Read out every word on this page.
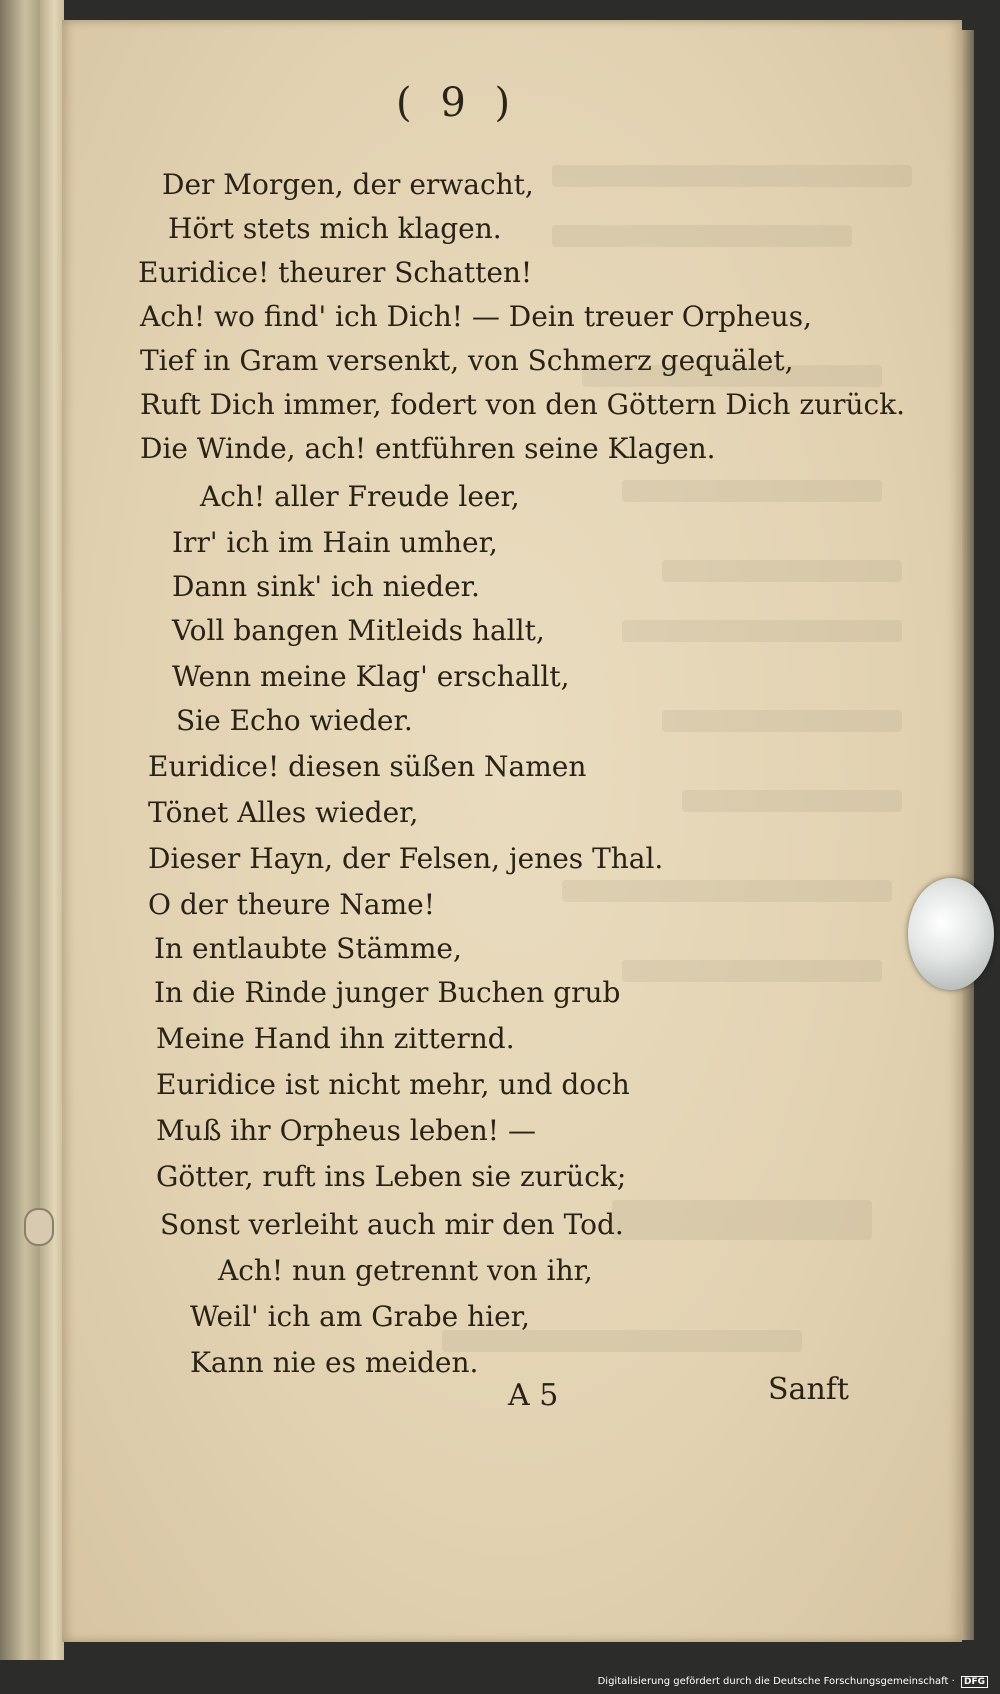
( 9 )

Der Morgen, der erwacht,

Hört stets mich klagen.

Euridice! theurer Schatten!

Ach! wo find' ich Dich! — Dein treuer Orpheus,

Tief in Gram versenkt, von Schmerz gequälet,

Ruft Dich immer, fodert von den Göttern Dich zurück.

Die Winde, ach! entführen seine Klagen.

Ach! aller Freude leer,

Irr' ich im Hain umher,

Dann sink' ich nieder.

Voll bangen Mitleids hallt,

Wenn meine Klag' erschallt,

Sie Echo wieder.

Euridice! diesen süßen Namen

Tönet Alles wieder,

Dieser Hayn, der Felsen, jenes Thal.

O der theure Name!

In entlaubte Stämme,

In die Rinde junger Buchen grub

Meine Hand ihn zitternd.

Euridice ist nicht mehr, und doch

Muß ihr Orpheus leben! —

Götter, ruft ins Leben sie zurück;

Sonst verleiht auch mir den Tod.

Ach! nun getrennt von ihr,

Weil' ich am Grabe hier,

Kann nie es meiden.

A 5	Sanft

Digitalisierung gefördert durch die Deutsche Forschungsgemeinschaft · DFG
